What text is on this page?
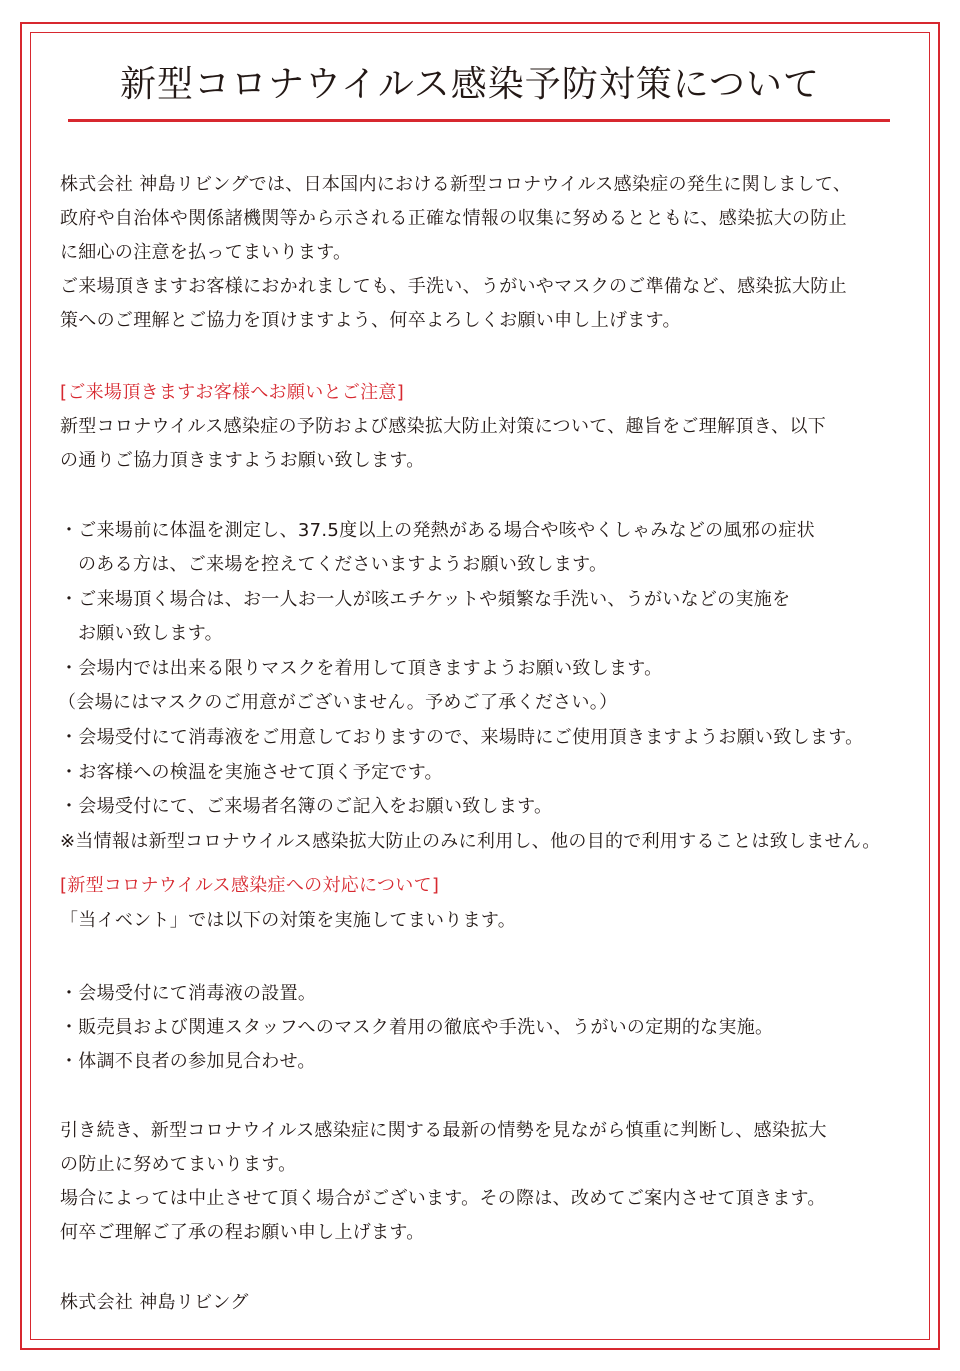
新型コロナウイルス感染予防対策について
株式会社 神島リビングでは、日本国内における新型コロナウイルス感染症の発生に関しまして、
政府や自治体や関係諸機関等から示される正確な情報の収集に努めるとともに、感染拡大の防止
に細心の注意を払ってまいります。
ご来場頂きますお客様におかれましても、手洗い、うがいやマスクのご準備など、感染拡大防止
策へのご理解とご協力を頂けますよう、何卒よろしくお願い申し上げます。
[ご来場頂きますお客様へお願いとご注意]
新型コロナウイルス感染症の予防および感染拡大防止対策について、趣旨をご理解頂き、以下
の通りご協力頂きますようお願い致します。
・ご来場前に体温を測定し、37.5度以上の発熱がある場合や咳やくしゃみなどの風邪の症状
のある方は、ご来場を控えてくださいますようお願い致します。
・ご来場頂く場合は、お一人お一人が咳エチケットや頻繁な手洗い、うがいなどの実施を
お願い致します。
・会場内では出来る限りマスクを着用して頂きますようお願い致します。
（会場にはマスクのご用意がございません。予めご了承ください。）
・会場受付にて消毒液をご用意しておりますので、来場時にご使用頂きますようお願い致します。
・お客様への検温を実施させて頂く予定です。
・会場受付にて、ご来場者名簿のご記入をお願い致します。
※当情報は新型コロナウイルス感染拡大防止のみに利用し、他の目的で利用することは致しません。
[新型コロナウイルス感染症への対応について]
「当イベント」では以下の対策を実施してまいります。
・会場受付にて消毒液の設置。
・販売員および関連スタッフへのマスク着用の徹底や手洗い、うがいの定期的な実施。
・体調不良者の参加見合わせ。
引き続き、新型コロナウイルス感染症に関する最新の情勢を見ながら慎重に判断し、感染拡大
の防止に努めてまいります。
場合によっては中止させて頂く場合がございます。その際は、改めてご案内させて頂きます。
何卒ご理解ご了承の程お願い申し上げます。
株式会社 神島リビング
